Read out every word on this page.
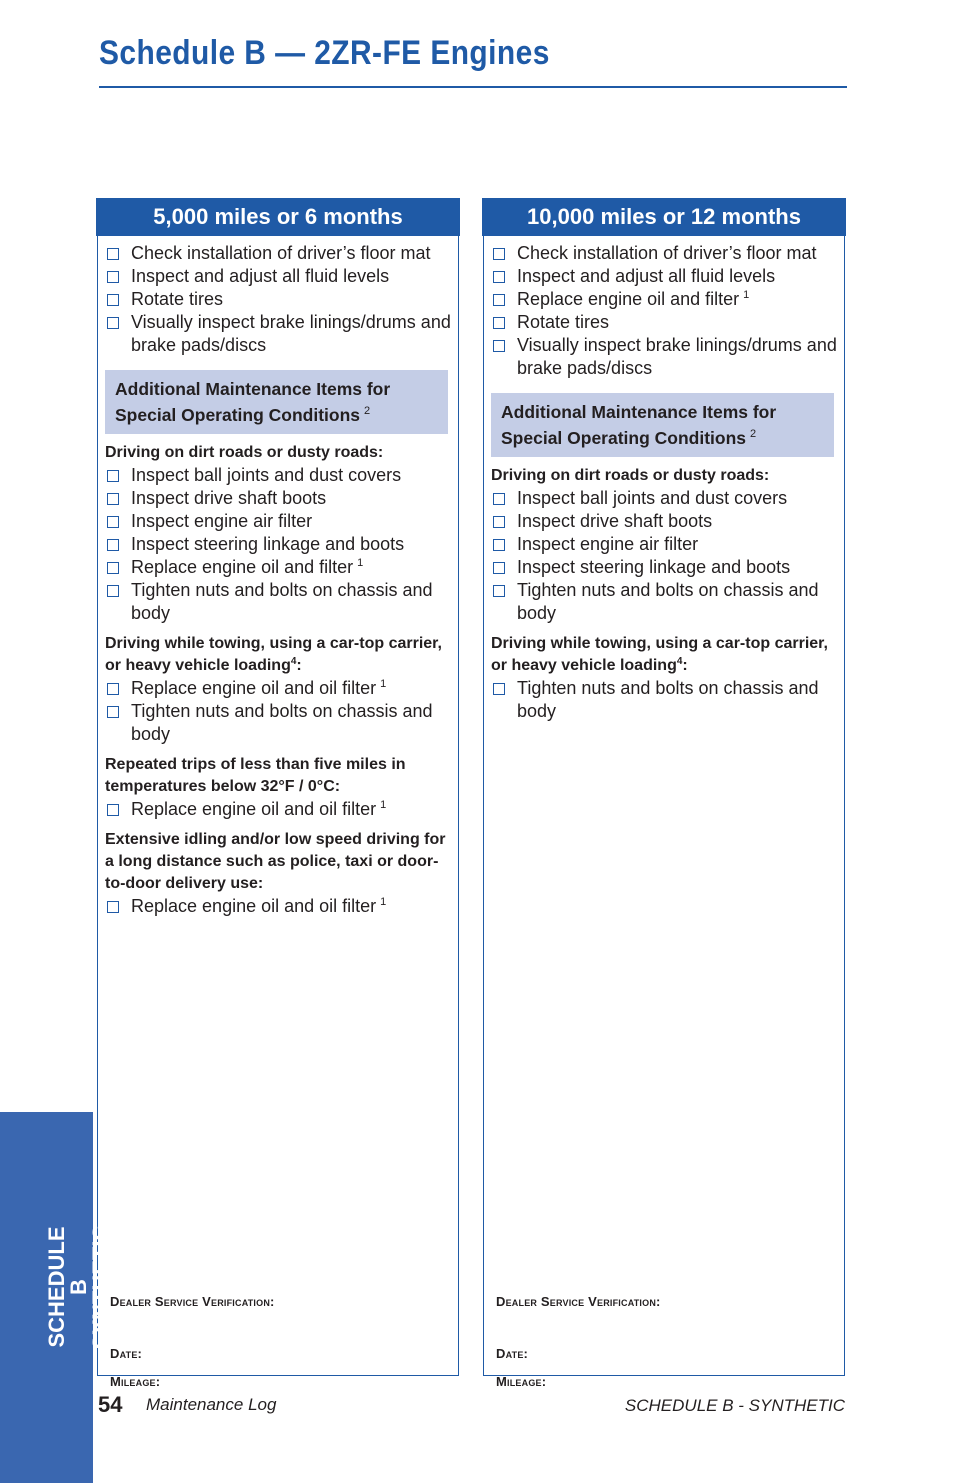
Schedule B — 2ZR-FE Engines
5,000 miles or 6 months
Check installation of driver’s floor mat
Inspect and adjust all fluid levels
Rotate tires
Visually inspect brake linings/drums and brake pads/discs
Additional Maintenance Items for
Special Operating Conditions $^2$
Driving on dirt roads or dusty roads:
Inspect ball joints and dust covers
Inspect drive shaft boots
Inspect engine air filter
Inspect steering linkage and boots
Replace engine oil and filter $^1$
Tighten nuts and bolts on chassis and body
Driving while towing, using a car-top carrier, or heavy vehicle loading$^4$:
Replace engine oil and oil filter $^1$
Tighten nuts and bolts on chassis and body
Repeated trips of less than five miles in temperatures below 32°F / 0°C:
Replace engine oil and oil filter $^1$
Extensive idling and/or low speed driving for a long distance such as police, taxi or door-to-door delivery use:
Replace engine oil and oil filter $^1$
Dealer Service Verification:
Date:
Mileage:
10,000 miles or 12 months
Check installation of driver’s floor mat
Inspect and adjust all fluid levels
Replace engine oil and filter $^1$
Rotate tires
Visually inspect brake linings/drums and brake pads/discs
Additional Maintenance Items for
Special Operating Conditions $^2$
Driving on dirt roads or dusty roads:
Inspect ball joints and dust covers
Inspect drive shaft boots
Inspect engine air filter
Inspect steering linkage and boots
Tighten nuts and bolts on chassis and body
Driving while towing, using a car-top carrier, or heavy vehicle loading$^4$:
Tighten nuts and bolts on chassis and body
Dealer Service Verification:
Date:
Mileage:
SCHEDULE B
SYNTHETIC
54 Maintenance Log	SCHEDULE B - SYNTHETIC
